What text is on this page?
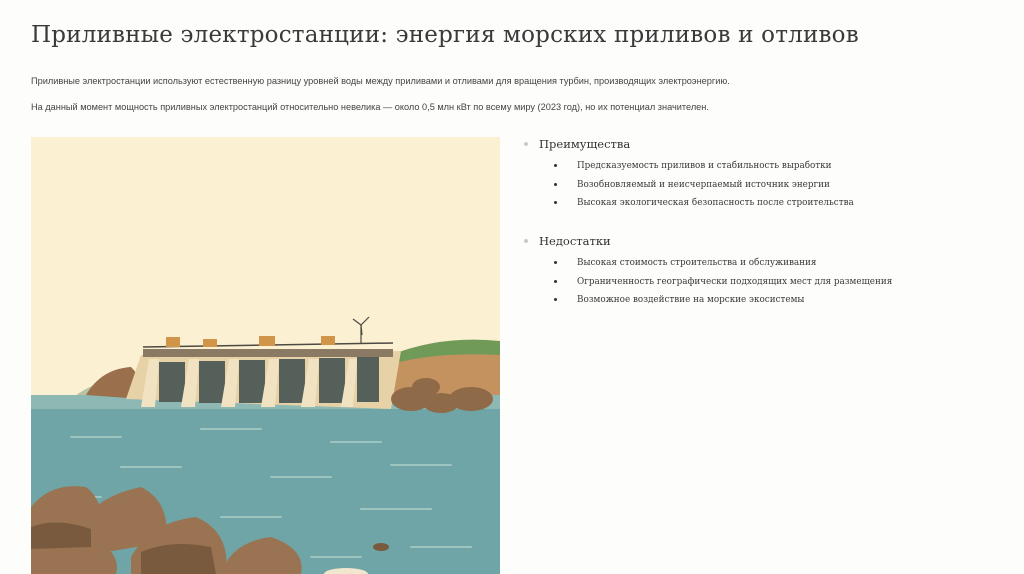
Приливные электростанции: энергия морских приливов и отливов

Приливные электростанции используют естественную разницу уровней воды между приливами и отливами для вращения турбин, производящих электроэнергию.

На данный момент мощность приливных электростанций относительно невелика — около 0,5 млн кВт по всему миру (2023 год), но их потенциал значителен.

Преимущества
Предсказуемость приливов и стабильность выработки
Возобновляемый и неисчерпаемый источник энергии
Высокая экологическая безопасность после строительства
Недостатки
Высокая стоимость строительства и обслуживания
Ограниченность географически подходящих мест для размещения
Возможное воздействие на морские экосистемы
